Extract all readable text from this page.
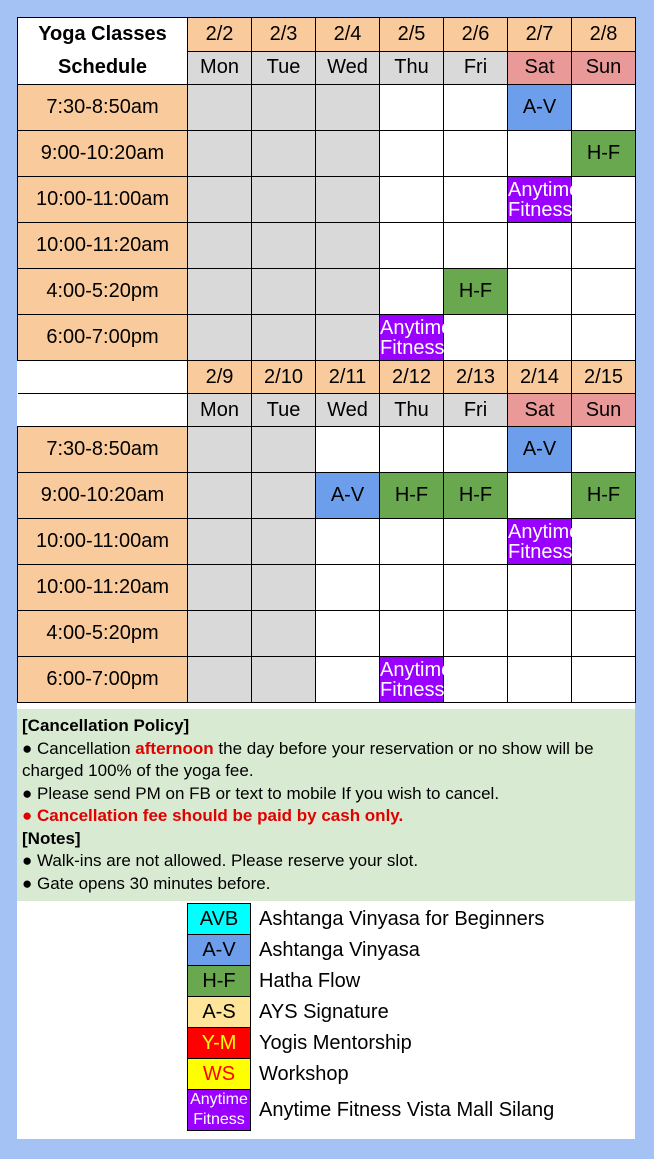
Yoga Classes	2/2	2/3	2/4	2/5	2/6	2/7	2/8
Schedule	Mon	Tue	Wed	Thu	Fri	Sat	Sun
7:30-8:50am						A-V	
9:00-10:20am							H-F
10:00-11:00am						Anytime
Fitness	
10:00-11:20am							
4:00-5:20pm					H-F		
6:00-7:00pm				Anytime
Fitness			
	2/9	2/10	2/11	2/12	2/13	2/14	2/15
	Mon	Tue	Wed	Thu	Fri	Sat	Sun
7:30-8:50am						A-V	
9:00-10:20am			A-V	H-F	H-F		H-F
10:00-11:00am						Anytime
Fitness	
10:00-11:20am							
4:00-5:20pm							
6:00-7:00pm				Anytime
Fitness			
[Cancellation Policy]
● Cancellation afternoon the day before your reservation or no show will be charged 100% of the yoga fee.
● Please send PM on FB or text to mobile If you wish to cancel.
● Cancellation fee should be paid by cash only.
[Notes]
● Walk-ins are not allowed. Please reserve your slot.
● Gate opens 30 minutes before.
AVB	Ashtanga Vinyasa for Beginners
A-V	Ashtanga Vinyasa
H-F	Hatha Flow
A-S	AYS Signature
Y-M	Yogis Mentorship
WS	Workshop
Anytime
Fitness	Anytime Fitness Vista Mall Silang
